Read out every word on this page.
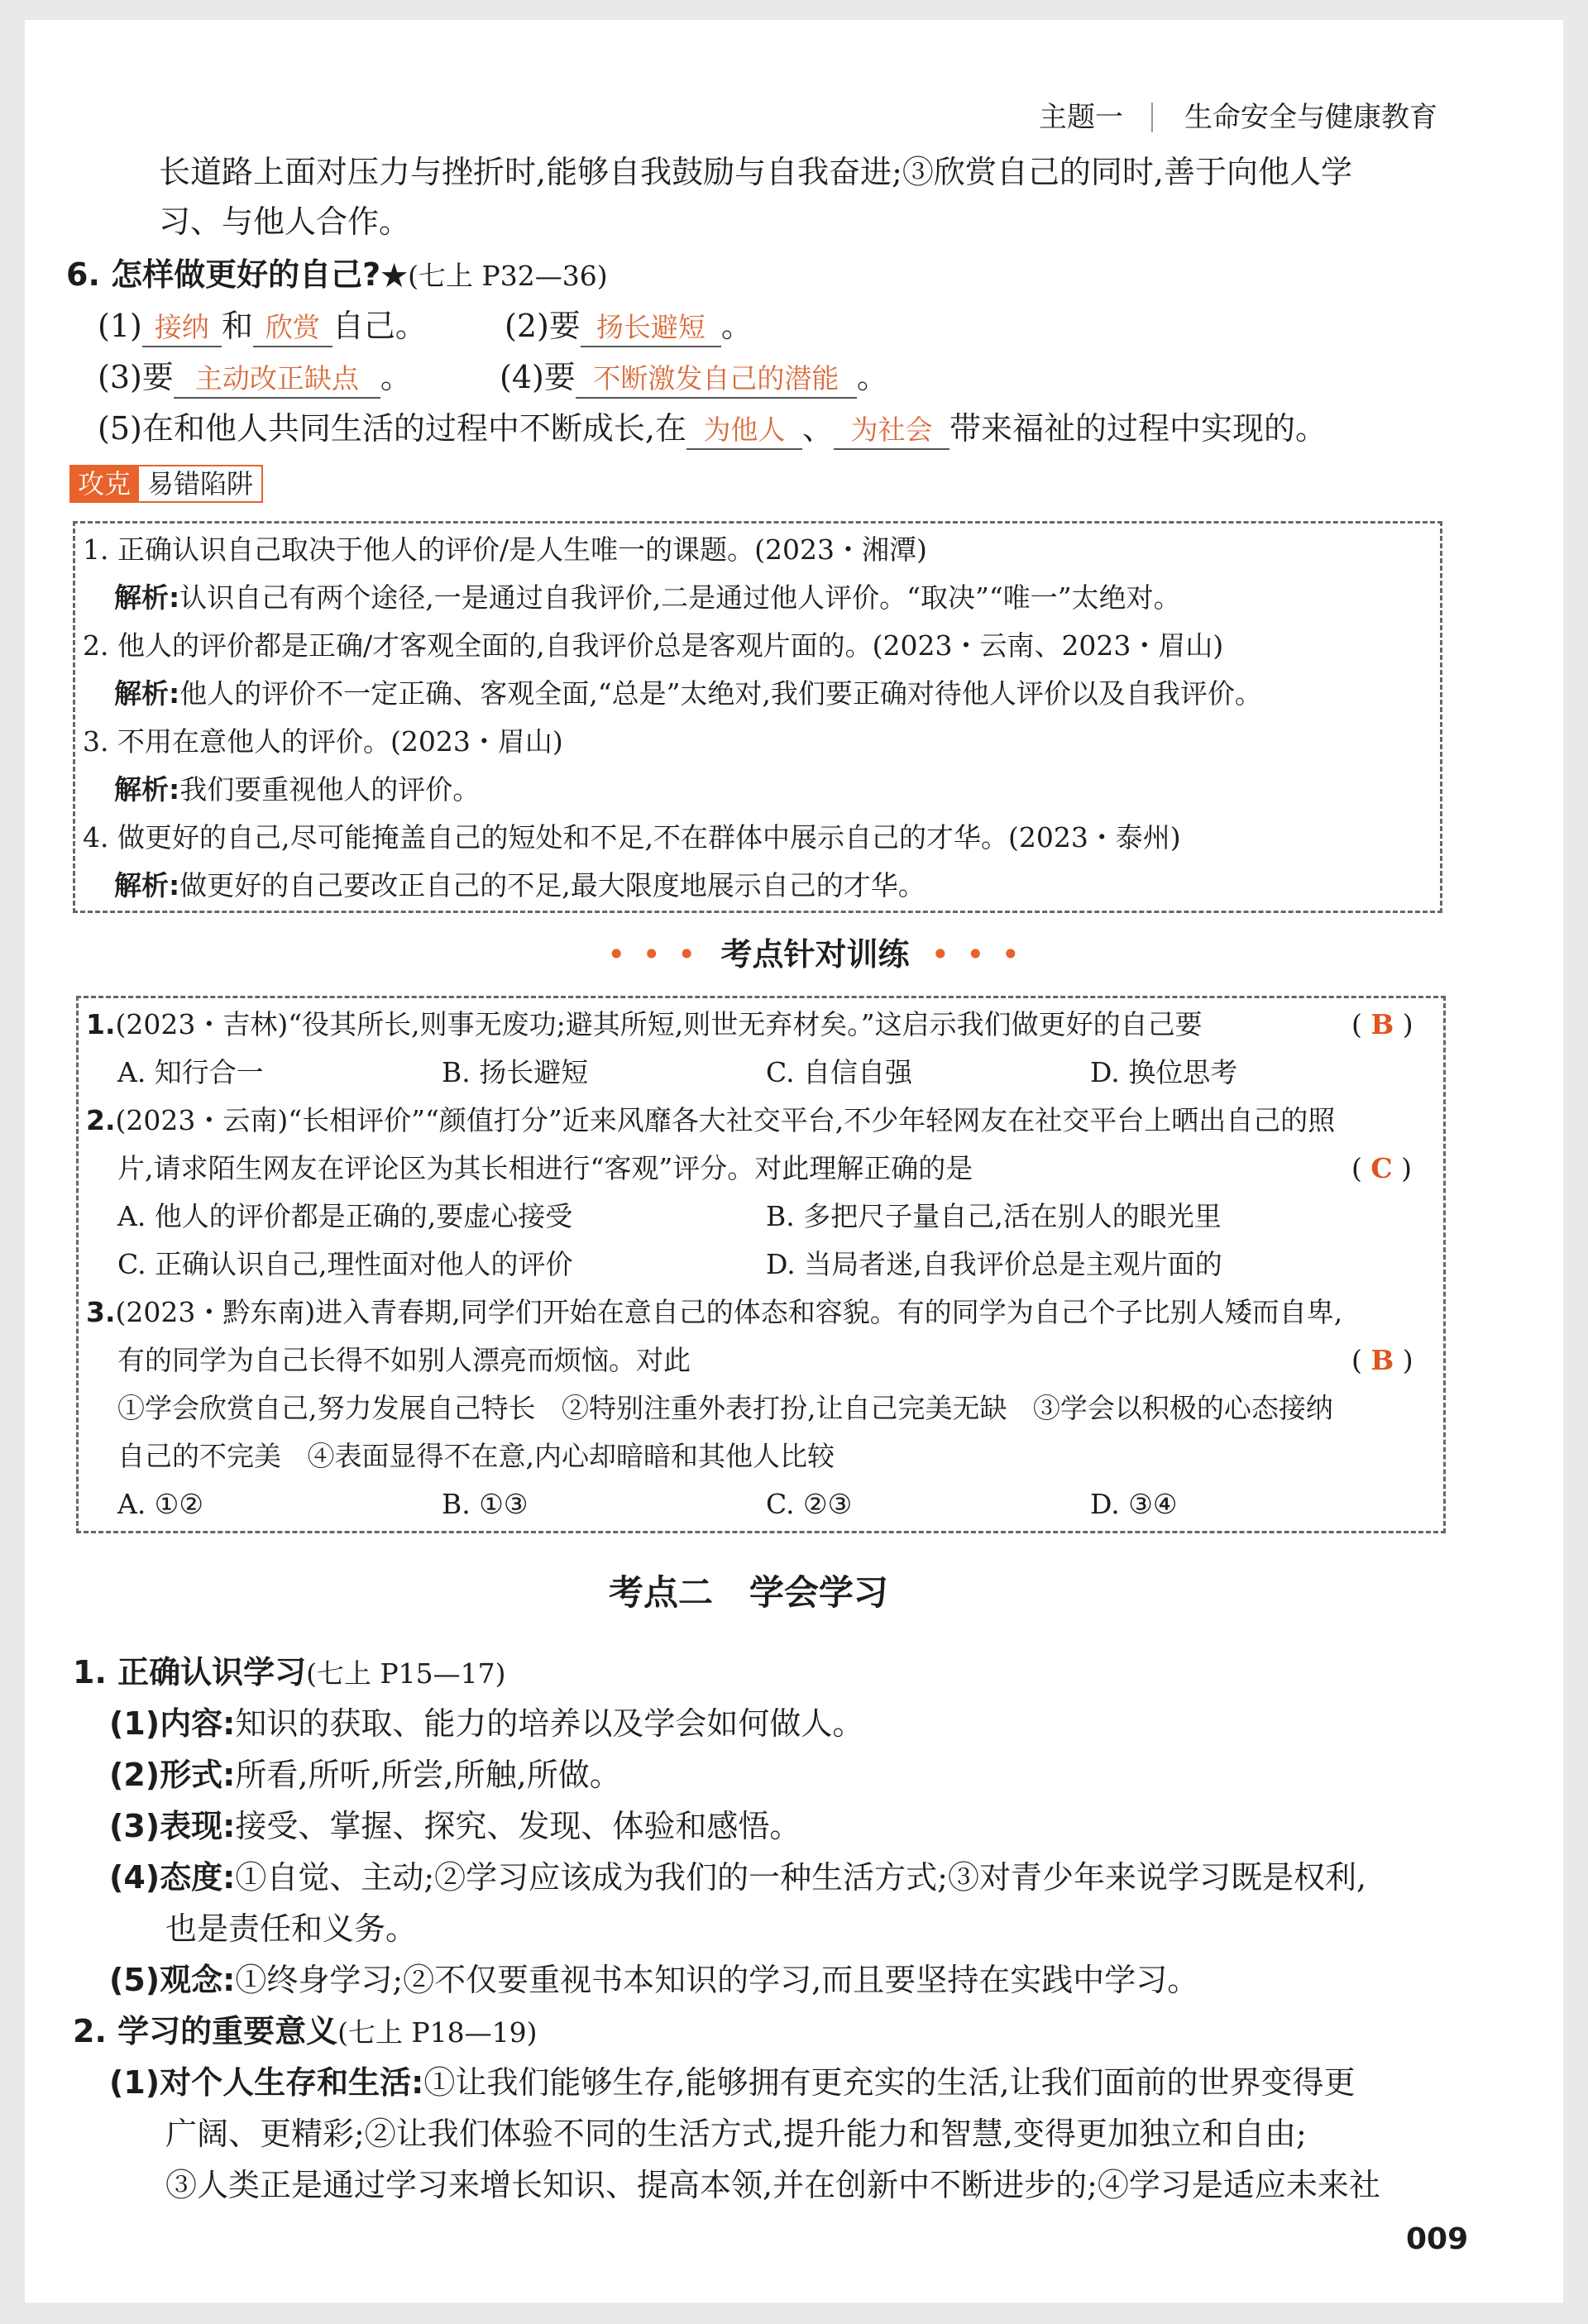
主题一 生命安全与健康教育
长道路上面对压力与挫折时,能够自我鼓励与自我奋进;③欣赏自己的同时,善于向他人学
习、与他人合作。
6. 怎样做更好的自己?★(七上 P32—36)
(1) 接纳 和 欣赏 自己。 (2)要 扬长避短 。
(3)要 主动改正缺点 。	(4)要 不断激发自己的潜能 。
(5)在和他人共同生活的过程中不断成长,在 为他人 、 为社会 带来福祉的过程中实现的。
攻克 易错陷阱
1. 正确认识自己取决于他人的评价/是人生唯一的课题。(2023・湘潭)
解析:认识自己有两个途径,一是通过自我评价,二是通过他人评价。“取决”“唯一”太绝对。
2. 他人的评价都是正确/才客观全面的,自我评价总是客观片面的。(2023・云南、2023・眉山)
解析:他人的评价不一定正确、客观全面,“总是”太绝对,我们要正确对待他人评价以及自我评价。
3. 不用在意他人的评价。(2023・眉山)
解析:我们要重视他人的评价。
4. 做更好的自己,尽可能掩盖自己的短处和不足,不在群体中展示自己的才华。(2023・泰州)
解析:做更好的自己要改正自己的不足,最大限度地展示自己的才华。
• • • 考点针对训练 • • •
1.(2023・吉林)“役其所长,则事无废功;避其所短,则世无弃材矣。”这启示我们做更好的自己要	( B )
A. 知行合一	B. 扬长避短	C. 自信自强	D. 换位思考
2.(2023・云南)“长相评价”“颜值打分”近来风靡各大社交平台,不少年轻网友在社交平台上晒出自己的照
片,请求陌生网友在评论区为其长相进行“客观”评分。对此理解正确的是	( C )
A. 他人的评价都是正确的,要虚心接受	B. 多把尺子量自己,活在别人的眼光里
C. 正确认识自己,理性面对他人的评价	D. 当局者迷,自我评价总是主观片面的
3.(2023・黔东南)进入青春期,同学们开始在意自己的体态和容貌。有的同学为自己个子比别人矮而自卑,
有的同学为自己长得不如别人漂亮而烦恼。对此	( B )
①学会欣赏自己,努力发展自己特长   ②特别注重外表打扮,让自己完美无缺   ③学会以积极的心态接纳
自己的不完美   ④表面显得不在意,内心却暗暗和其他人比较
A. ①②	B. ①③	C. ②③	D. ③④
考点二   学会学习
1. 正确认识学习(七上 P15—17)
(1)内容:知识的获取、能力的培养以及学会如何做人。
(2)形式:所看,所听,所尝,所触,所做。
(3)表现:接受、掌握、探究、发现、体验和感悟。
(4)态度:①自觉、主动;②学习应该成为我们的一种生活方式;③对青少年来说学习既是权利,
也是责任和义务。
(5)观念:①终身学习;②不仅要重视书本知识的学习,而且要坚持在实践中学习。
2. 学习的重要意义(七上 P18—19)
(1)对个人生存和生活:①让我们能够生存,能够拥有更充实的生活,让我们面前的世界变得更
广阔、更精彩;②让我们体验不同的生活方式,提升能力和智慧,变得更加独立和自由;
③人类正是通过学习来增长知识、提高本领,并在创新中不断进步的;④学习是适应未来社
009
